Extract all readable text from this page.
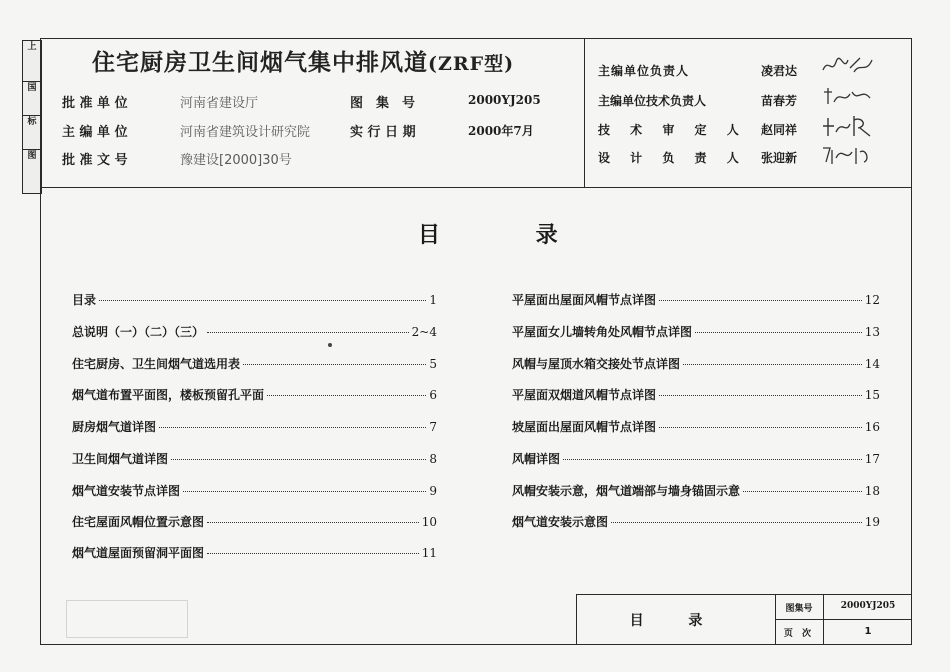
上
国
标
图
住宅厨房卫生间烟气集中排风道(ZRF型)
批 准 单 位	河南省建设厅	图　集　号	2000YJ205
主 编 单 位	河南省建筑设计研究院	实 行 日 期	2000年7月
批 准 文 号	豫建设[2000]30号
主编单位负责人	凌君达
主编单位技术负责人	苗春芳
技 术 审 定 人 赵同祥
设 计 负 责 人 张迎新
目 录
目录	1
总说明（一）（二）（三）	2~4
住宅厨房、卫生间烟气道选用表	5
烟气道布置平面图，楼板预留孔平面	6
厨房烟气道详图	7
卫生间烟气道详图	8
烟气道安装节点详图	9
住宅屋面风帽位置示意图	10
烟气道屋面预留洞平面图	11
平屋面出屋面风帽节点详图	12
平屋面女儿墙转角处风帽节点详图	13
风帽与屋顶水箱交接处节点详图	14
平屋面双烟道风帽节点详图	15
坡屋面出屋面风帽节点详图	16
风帽详图	17
风帽安装示意，烟气道端部与墙身锚固示意	18
烟气道安装示意图	19
目 录
图集号	2000YJ205
页 次	1
